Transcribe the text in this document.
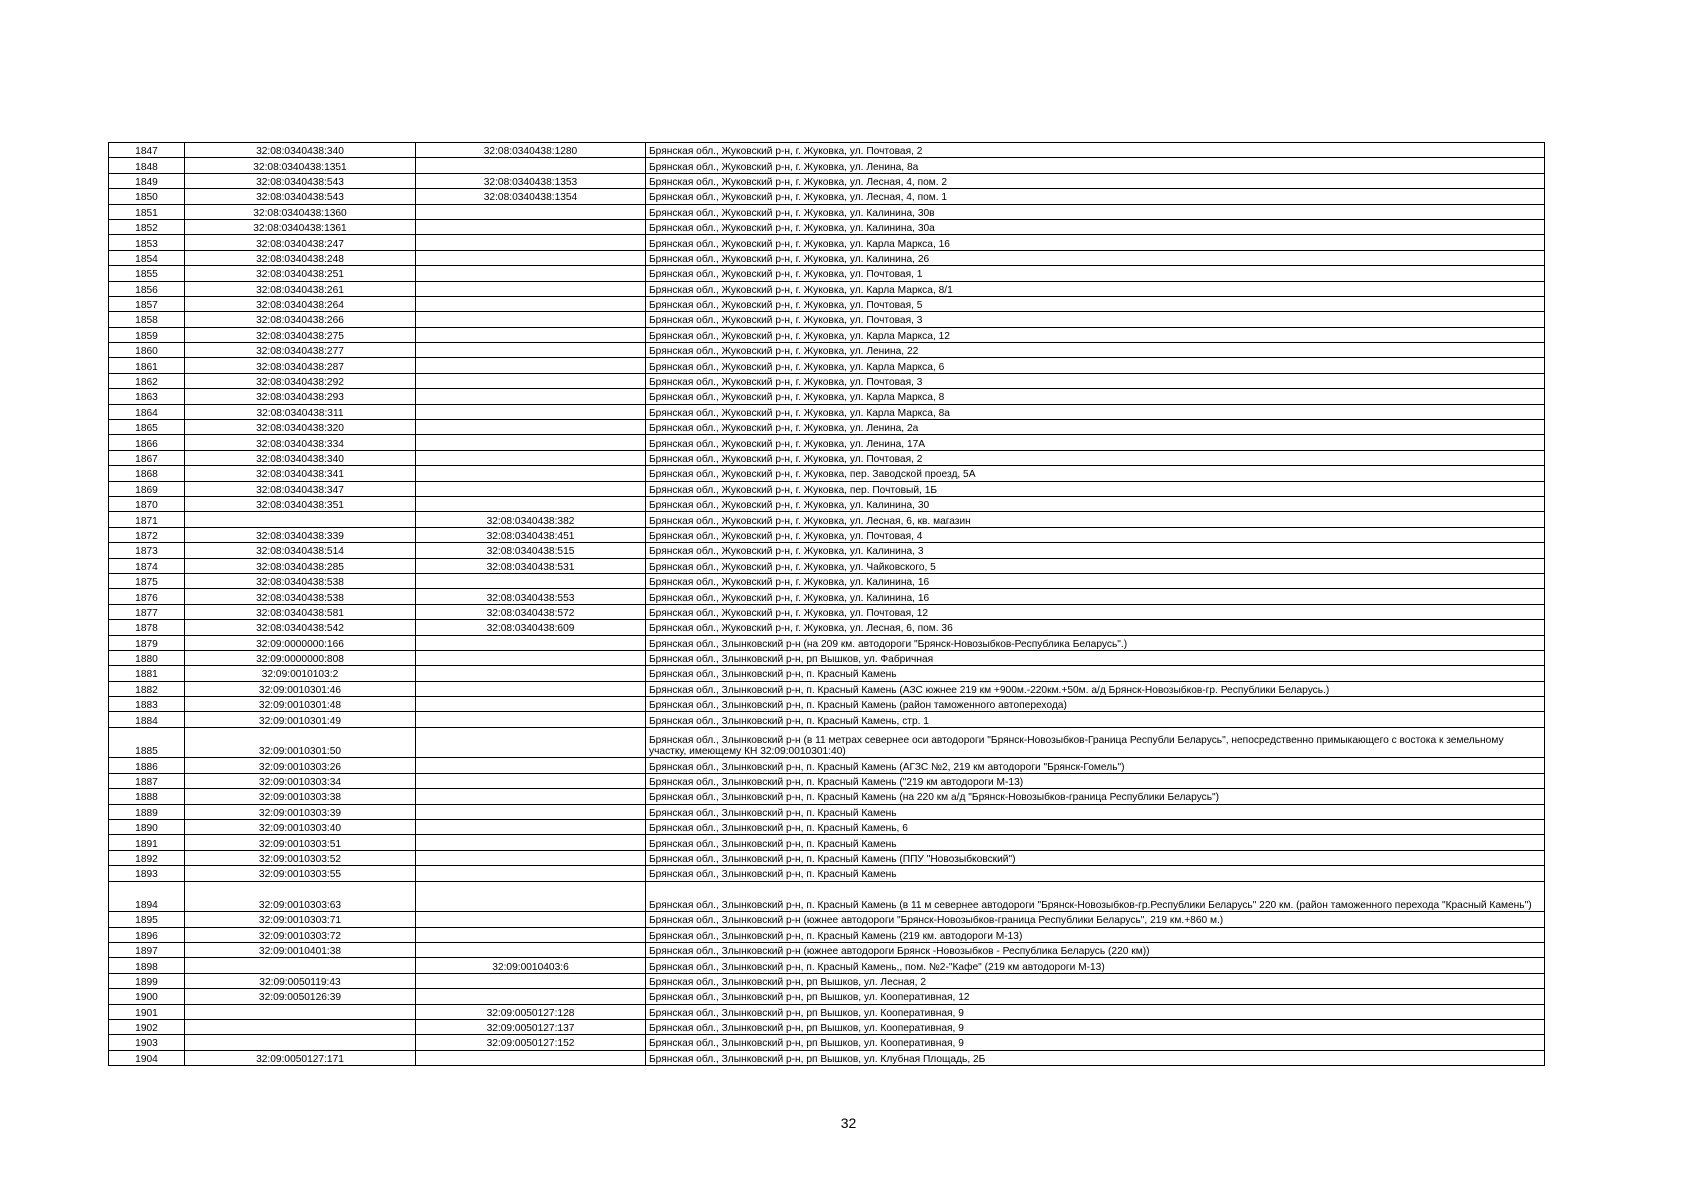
1847	32:08:0340438:340	32:08:0340438:1280	Брянская обл., Жуковский р-н, г. Жуковка, ул. Почтовая, 2
1848	32:08:0340438:1351		Брянская обл., Жуковский р-н, г. Жуковка, ул. Ленина, 8а
1849	32:08:0340438:543	32:08:0340438:1353	Брянская обл., Жуковский р-н, г. Жуковка, ул. Лесная, 4, пом. 2
1850	32:08:0340438:543	32:08:0340438:1354	Брянская обл., Жуковский р-н, г. Жуковка, ул. Лесная, 4, пом. 1
1851	32:08:0340438:1360		Брянская обл., Жуковский р-н, г. Жуковка, ул. Калинина, 30в
1852	32:08:0340438:1361		Брянская обл., Жуковский р-н, г. Жуковка, ул. Калинина, 30а
1853	32:08:0340438:247		Брянская обл., Жуковский р-н, г. Жуковка, ул. Карла Маркса, 16
1854	32:08:0340438:248		Брянская обл., Жуковский р-н, г. Жуковка, ул. Калинина, 26
1855	32:08:0340438:251		Брянская обл., Жуковский р-н, г. Жуковка, ул. Почтовая, 1
1856	32:08:0340438:261		Брянская обл., Жуковский р-н, г. Жуковка, ул. Карла Маркса, 8/1
1857	32:08:0340438:264		Брянская обл., Жуковский р-н, г. Жуковка, ул. Почтовая, 5
1858	32:08:0340438:266		Брянская обл., Жуковский р-н, г. Жуковка, ул. Почтовая, 3
1859	32:08:0340438:275		Брянская обл., Жуковский р-н, г. Жуковка, ул. Карла Маркса, 12
1860	32:08:0340438:277		Брянская обл., Жуковский р-н, г. Жуковка, ул. Ленина, 22
1861	32:08:0340438:287		Брянская обл., Жуковский р-н, г. Жуковка, ул. Карла Маркса, 6
1862	32:08:0340438:292		Брянская обл., Жуковский р-н, г. Жуковка, ул. Почтовая, 3
1863	32:08:0340438:293		Брянская обл., Жуковский р-н, г. Жуковка, ул. Карла Маркса, 8
1864	32:08:0340438:311		Брянская обл., Жуковский р-н, г. Жуковка, ул. Карла Маркса, 8а
1865	32:08:0340438:320		Брянская обл., Жуковский р-н, г. Жуковка, ул. Ленина, 2а
1866	32:08:0340438:334		Брянская обл., Жуковский р-н, г. Жуковка, ул. Ленина, 17А
1867	32:08:0340438:340		Брянская обл., Жуковский р-н, г. Жуковка, ул. Почтовая, 2
1868	32:08:0340438:341		Брянская обл., Жуковский р-н, г. Жуковка, пер. Заводской проезд, 5А
1869	32:08:0340438:347		Брянская обл., Жуковский р-н, г. Жуковка, пер. Почтовый, 1Б
1870	32:08:0340438:351		Брянская обл., Жуковский р-н, г. Жуковка, ул. Калинина, 30
1871		32:08:0340438:382	Брянская обл., Жуковский р-н, г. Жуковка, ул. Лесная, 6, кв. магазин
1872	32:08:0340438:339	32:08:0340438:451	Брянская обл., Жуковский р-н, г. Жуковка, ул. Почтовая, 4
1873	32:08:0340438:514	32:08:0340438:515	Брянская обл., Жуковский р-н, г. Жуковка, ул. Калинина, 3
1874	32:08:0340438:285	32:08:0340438:531	Брянская обл., Жуковский р-н, г. Жуковка, ул. Чайковского, 5
1875	32:08:0340438:538		Брянская обл., Жуковский р-н, г. Жуковка, ул. Калинина, 16
1876	32:08:0340438:538	32:08:0340438:553	Брянская обл., Жуковский р-н, г. Жуковка, ул. Калинина, 16
1877	32:08:0340438:581	32:08:0340438:572	Брянская обл., Жуковский р-н, г. Жуковка, ул. Почтовая, 12
1878	32:08:0340438:542	32:08:0340438:609	Брянская обл., Жуковский р-н, г. Жуковка, ул. Лесная, 6, пом. 36
1879	32:09:0000000:166		Брянская обл., Злынковский р-н (на 209 км. автодороги "Брянск-Новозыбков-Республика Беларусь".)
1880	32:09:0000000:808		Брянская обл., Злынковский р-н, рп Вышков, ул. Фабричная
1881	32:09:0010103:2		Брянская обл., Злынковский р-н, п. Красный Камень
1882	32:09:0010301:46		Брянская обл., Злынковский р-н, п. Красный Камень (АЗС южнее 219 км +900м.-220км.+50м. а/д Брянск-Новозыбков-гр. Республики Беларусь.)
1883	32:09:0010301:48		Брянская обл., Злынковский р-н, п. Красный Камень (район таможенного автоперехода)
1884	32:09:0010301:49		Брянская обл., Злынковский р-н, п. Красный Камень, стр. 1
1885	32:09:0010301:50		Брянская обл., Злынковский р-н (в 11 метрах севернее оси автодороги "Брянск-Новозыбков-Граница Республи Беларусь", непосредственно примыкающего с востока к земельному участку, имеющему КН 32:09:0010301:40)
1886	32:09:0010303:26		Брянская обл., Злынковский р-н, п. Красный Камень (АГЗС №2, 219 км автодороги "Брянск-Гомель")
1887	32:09:0010303:34		Брянская обл., Злынковский р-н, п. Красный Камень ("219 км автодороги М-13)
1888	32:09:0010303:38		Брянская обл., Злынковский р-н, п. Красный Камень (на 220 км а/д "Брянск-Новозыбков-граница Республики Беларусь")
1889	32:09:0010303:39		Брянская обл., Злынковский р-н, п. Красный Камень
1890	32:09:0010303:40		Брянская обл., Злынковский р-н, п. Красный Камень, 6
1891	32:09:0010303:51		Брянская обл., Злынковский р-н, п. Красный Камень
1892	32:09:0010303:52		Брянская обл., Злынковский р-н, п. Красный Камень (ППУ "Новозыбковский")
1893	32:09:0010303:55		Брянская обл., Злынковский р-н, п. Красный Камень
1894	32:09:0010303:63		Брянская обл., Злынковский р-н, п. Красный Камень (в 11 м севернее автодороги "Брянск-Новозыбков-гр.Республики Беларусь" 220 км. (район таможенного перехода "Красный Камень")
1895	32:09:0010303:71		Брянская обл., Злынковский р-н (южнее автодороги "Брянск-Новозыбков-граница Республики Беларусь", 219 км.+860 м.)
1896	32:09:0010303:72		Брянская обл., Злынковский р-н, п. Красный Камень (219 км. автодороги М-13)
1897	32:09:0010401:38		Брянская обл., Злынковский р-н (южнее автодороги Брянск -Новозыбков - Республика Беларусь (220 км))
1898		32:09:0010403:6	Брянская обл., Злынковский р-н, п. Красный Камень,, пом. №2-"Кафе" (219 км автодороги М-13)
1899	32:09:0050119:43		Брянская обл., Злынковский р-н, рп Вышков, ул. Лесная, 2
1900	32:09:0050126:39		Брянская обл., Злынковский р-н, рп Вышков, ул. Кооперативная, 12
1901		32:09:0050127:128	Брянская обл., Злынковский р-н, рп Вышков, ул. Кооперативная, 9
1902		32:09:0050127:137	Брянская обл., Злынковский р-н, рп Вышков, ул. Кооперативная, 9
1903		32:09:0050127:152	Брянская обл., Злынковский р-н, рп Вышков, ул. Кооперативная, 9
1904	32:09:0050127:171		Брянская обл., Злынковский р-н, рп Вышков, ул. Клубная Площадь, 2Б
32
